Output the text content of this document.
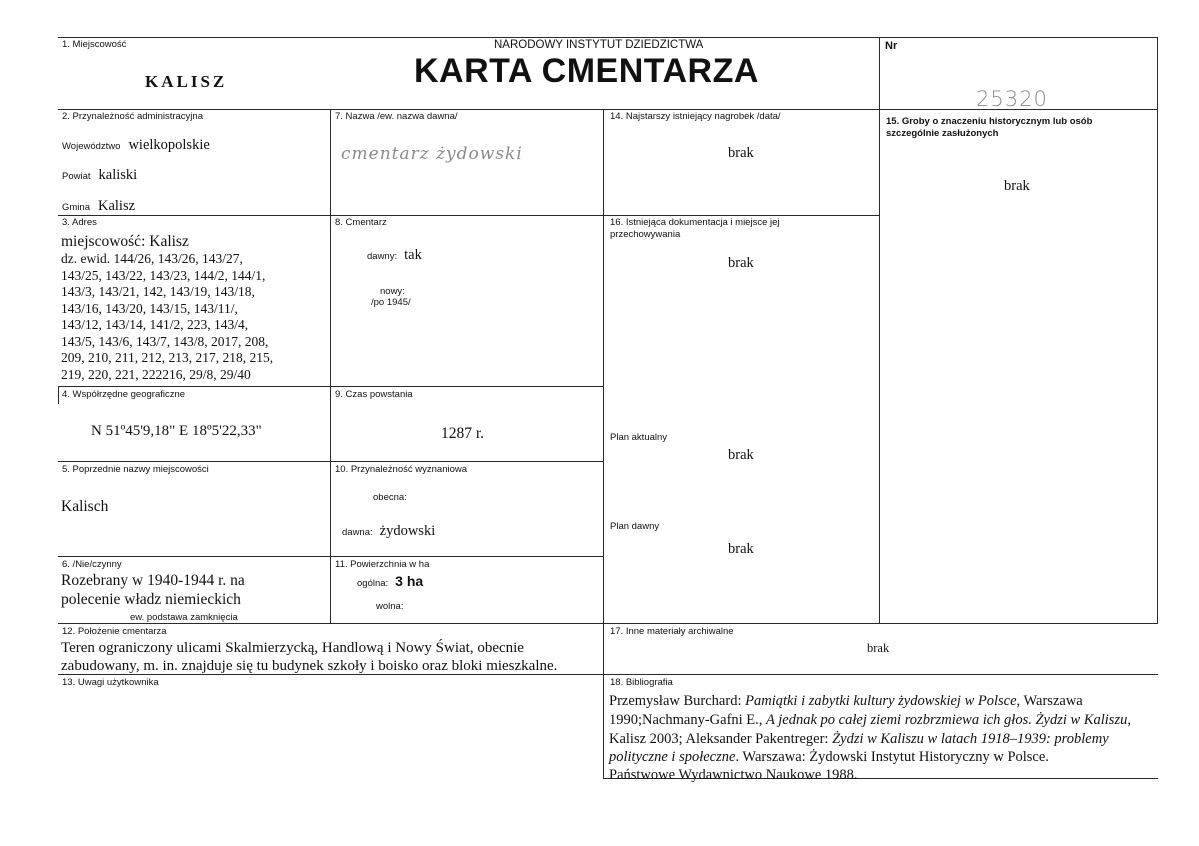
1. Miejscowość
KALISZ
NARODOWY INSTYTUT DZIEDZICTWA
KARTA CMENTARZA
Nr
25320
2. Przynależność administracyjna
Województwo wielkopolskie
Powiat kaliski
Gmina Kalisz
3. Adres
miejscowość: Kalisz
dz. ewid. 144/26, 143/26, 143/27,
143/25, 143/22, 143/23, 144/2, 144/1,
143/3, 143/21, 142, 143/19, 143/18,
143/16, 143/20, 143/15, 143/11/,
143/12, 143/14, 141/2, 223, 143/4,
143/5, 143/6, 143/7, 143/8, 2017, 208,
209, 210, 211, 212, 213, 217, 218, 215,
219, 220, 221, 222216, 29/8, 29/40
4. Współrzędne geograficzne
N 51º45'9,18" E 18º5'22,33"
5. Poprzednie nazwy miejscowości
Kalisch
6. /Nie/czynny
Rozebrany w 1940-1944 r. na
polecenie władz niemieckich
ew. podstawa zamknięcia
7. Nazwa /ew. nazwa dawna/
cmentarz żydowski
8. Cmentarz
dawny: tak
nowy:
/po 1945/
9. Czas powstania
1287 r.
10. Przynależność wyznaniowa
obecna:
dawna: żydowski
11. Powierzchnia w ha
ogólna: 3 ha
wolna:
14. Najstarszy istniejący nagrobek /data/
brak
16. Istniejąca dokumentacja i miejsce jej
przechowywania
brak
Plan aktualny
brak
Plan dawny
brak
15. Groby o znaczeniu historycznym lub osób
szczególnie zasłużonych
brak
12. Położenie cmentarza
Teren ograniczony ulicami Skalmierzycką, Handlową i Nowy Świat, obecnie
zabudowany, m. in. znajduje się tu budynek szkoły i boisko oraz bloki mieszkalne.
13. Uwagi użytkownika
17. Inne materiały archiwalne
brak
18. Bibliografia
Przemysław Burchard: Pamiątki i zabytki kultury żydowskiej w Polsce, Warszawa
1990;Nachmany-Gafni E., A jednak po całej ziemi rozbrzmiewa ich głos. Żydzi w Kaliszu,
Kalisz 2003; Aleksander Pakentreger: Żydzi w Kaliszu w latach 1918–1939: problemy
polityczne i społeczne. Warszawa: Żydowski Instytut Historyczny w Polsce.
Państwowe Wydawnictwo Naukowe 1988.
